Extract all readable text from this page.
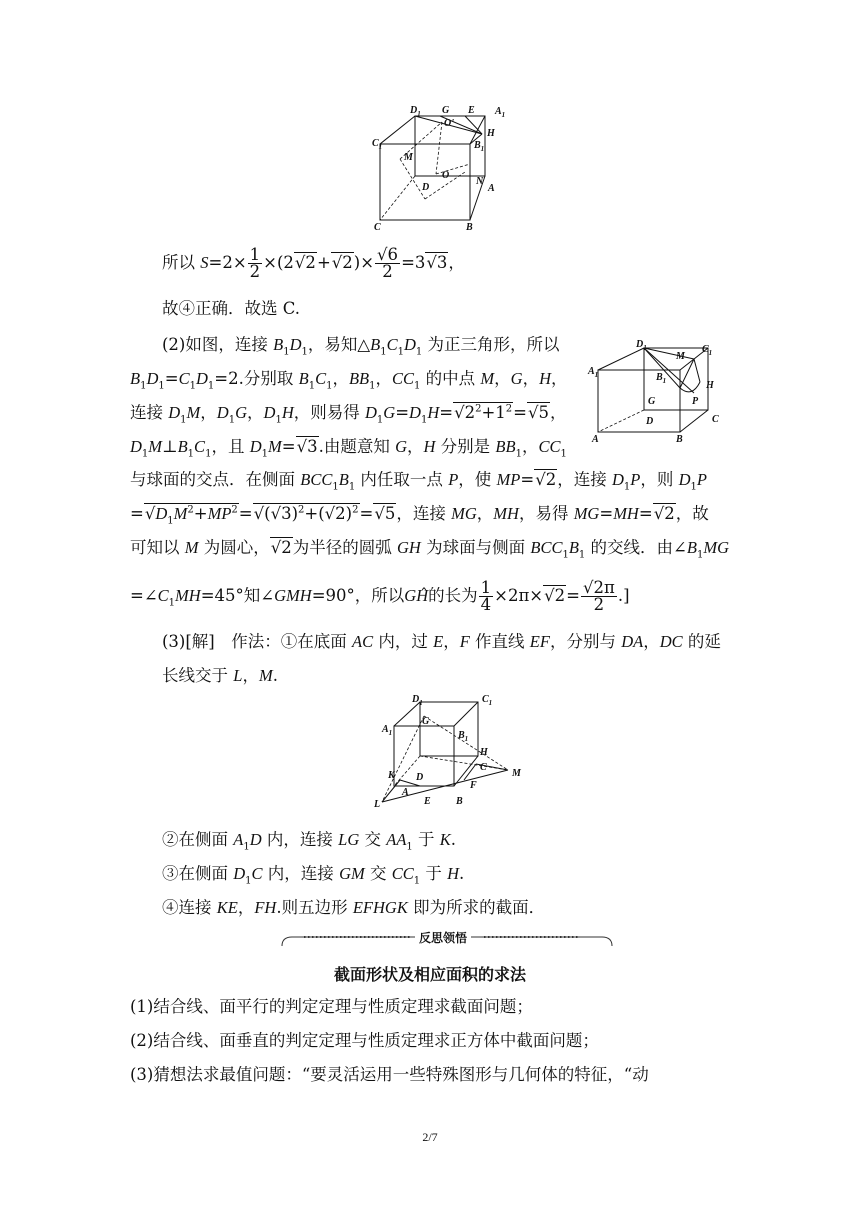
$D_1$ G E $A_1$
$C_1$
O'
H
$B_1$
M
O
D
N
A
C	B
所以 $S=2\times \frac{1}{2} \times(2√2+√2)\times \frac{√6}{2} =3√3$，
故④正确．故选 C.
$D_1$
M
$C_1$
$A_1$	$B_1$	H
G	P
D	C
A	B
(2)如图，连接 $B_1D_1$，易知$\triangle B_1C_1D_1$ 为正三角形，所以
$B_1D_1=C_1D_1=2$.分别取 $B_1C_1$，$BB_1$，$CC_1$ 的中点 M，G，H，
连接 $D_1M$，$D_1G$，$D_1H$，则易得 $D_1G=D_1H=√2^2+1^2=√5$，
$D_1M\perp B_1C_1$，且 $D_1M=√3$.由题意知 G，H 分别是 $BB_1$，$CC_1$
与球面的交点．在侧面 $BCC_1B_1$ 内任取一点 P，使 MP=√2，连接 $D_1P$，则 $D_1P$
$=√D_1M^2+MP^2=√(√3)^2+(√2)^2=√5$，连接 MG，MH，易得 MG=MH=√2，故
可知以 M 为圆心，√2为半径的圆弧 GH 为球面与侧面 $BCC_1B_1$ 的交线．由$\angle B_1MG$
$=\angle C_1MH=45^\circ$知∠GMH=90°，所以GĤ的长为 $\frac{1}{4} \times 2\pi\times√2= \frac{√2\pi}{2}$ .]
(3)[解]　作法：①在底面 AC 内，过 E，F 作直线 EF，分别与 DA，DC 的延
长线交于 L，M.
$D_1$	$C_1$
G
$A_1$	$B_1$
H
K D
C
M
F
L
A
E	B
②在侧面 $A_1D$ 内，连接 LG 交 $AA_1$ 于 K.
③在侧面 $D_1C$ 内，连接 GM 交 $CC_1$ 于 H.
④连接 KE，FH.则五边形 EFHGK 即为所求的截面．
反思领悟
截面形状及相应面积的求法
(1)结合线、面平行的判定定理与性质定理求截面问题；
(2)结合线、面垂直的判定定理与性质定理求正方体中截面问题；
(3)猜想法求最值问题：“要灵活运用一些特殊图形与几何体的特征，“动
2/7
